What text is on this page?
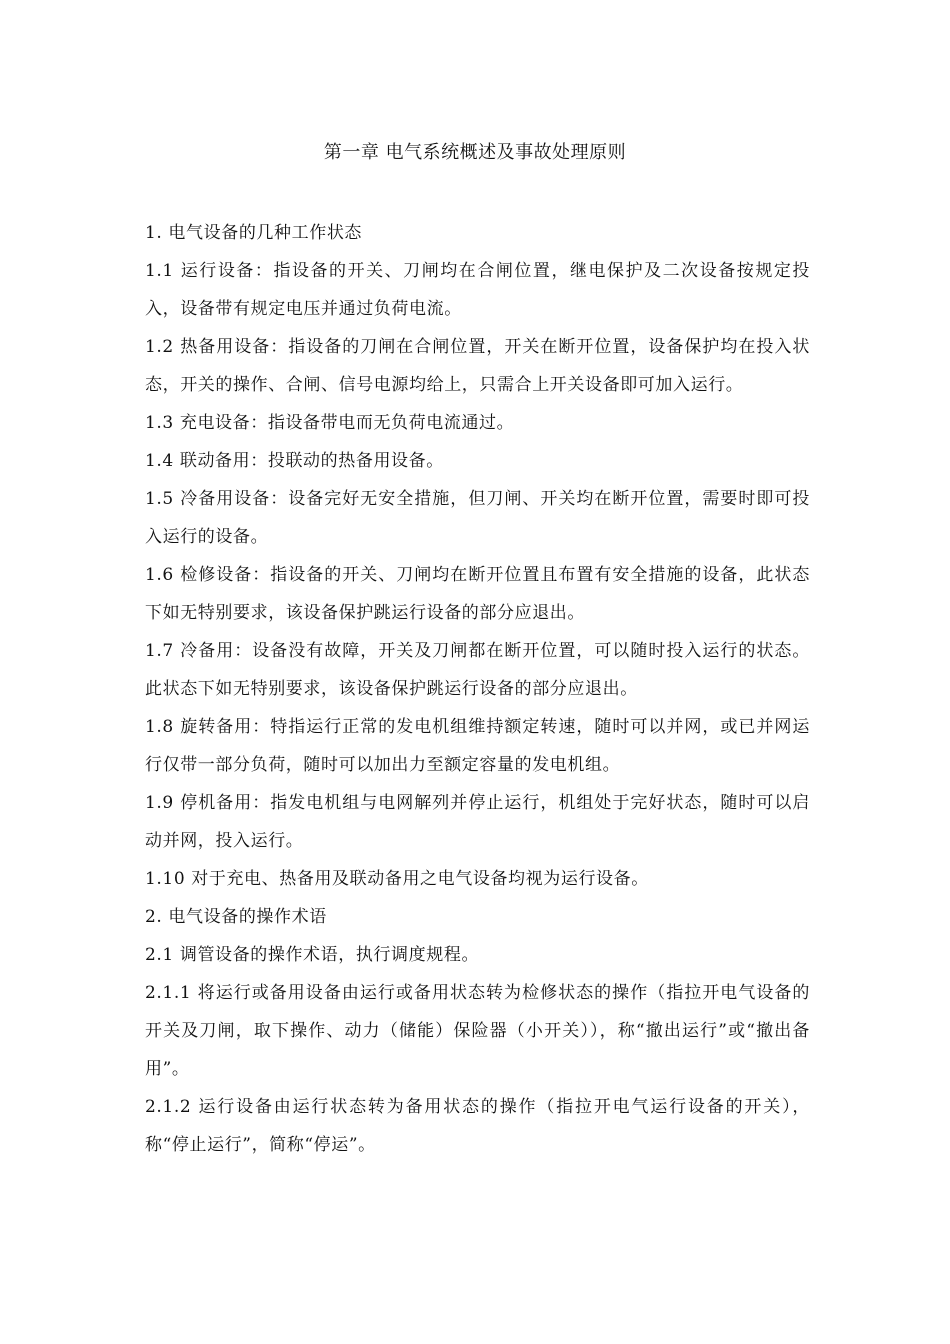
第一章 电气系统概述及事故处理原则

1. 电气设备的几种工作状态

1.1 运行设备：指设备的开关、刀闸均在合闸位置，继电保护及二次设备按规定投入，设备带有规定电压并通过负荷电流。

1.2 热备用设备：指设备的刀闸在合闸位置，开关在断开位置，设备保护均在投入状态，开关的操作、合闸、信号电源均给上，只需合上开关设备即可加入运行。

1.3 充电设备：指设备带电而无负荷电流通过。

1.4 联动备用：投联动的热备用设备。

1.5 冷备用设备：设备完好无安全措施，但刀闸、开关均在断开位置，需要时即可投入运行的设备。

1.6 检修设备：指设备的开关、刀闸均在断开位置且布置有安全措施的设备，此状态下如无特别要求，该设备保护跳运行设备的部分应退出。

1.7 冷备用：设备没有故障，开关及刀闸都在断开位置，可以随时投入运行的状态。此状态下如无特别要求，该设备保护跳运行设备的部分应退出。

1.8 旋转备用：特指运行正常的发电机组维持额定转速，随时可以并网，或已并网运行仅带一部分负荷，随时可以加出力至额定容量的发电机组。

1.9 停机备用：指发电机组与电网解列并停止运行，机组处于完好状态，随时可以启动并网，投入运行。

1.10 对于充电、热备用及联动备用之电气设备均视为运行设备。

2. 电气设备的操作术语

2.1 调管设备的操作术语，执行调度规程。

2.1.1 将运行或备用设备由运行或备用状态转为检修状态的操作（指拉开电气设备的开关及刀闸，取下操作、动力（储能）保险器（小开关）），称“撤出运行”或“撤出备用”。

2.1.2 运行设备由运行状态转为备用状态的操作（指拉开电气运行设备的开关），称“停止运行”，简称“停运”。
